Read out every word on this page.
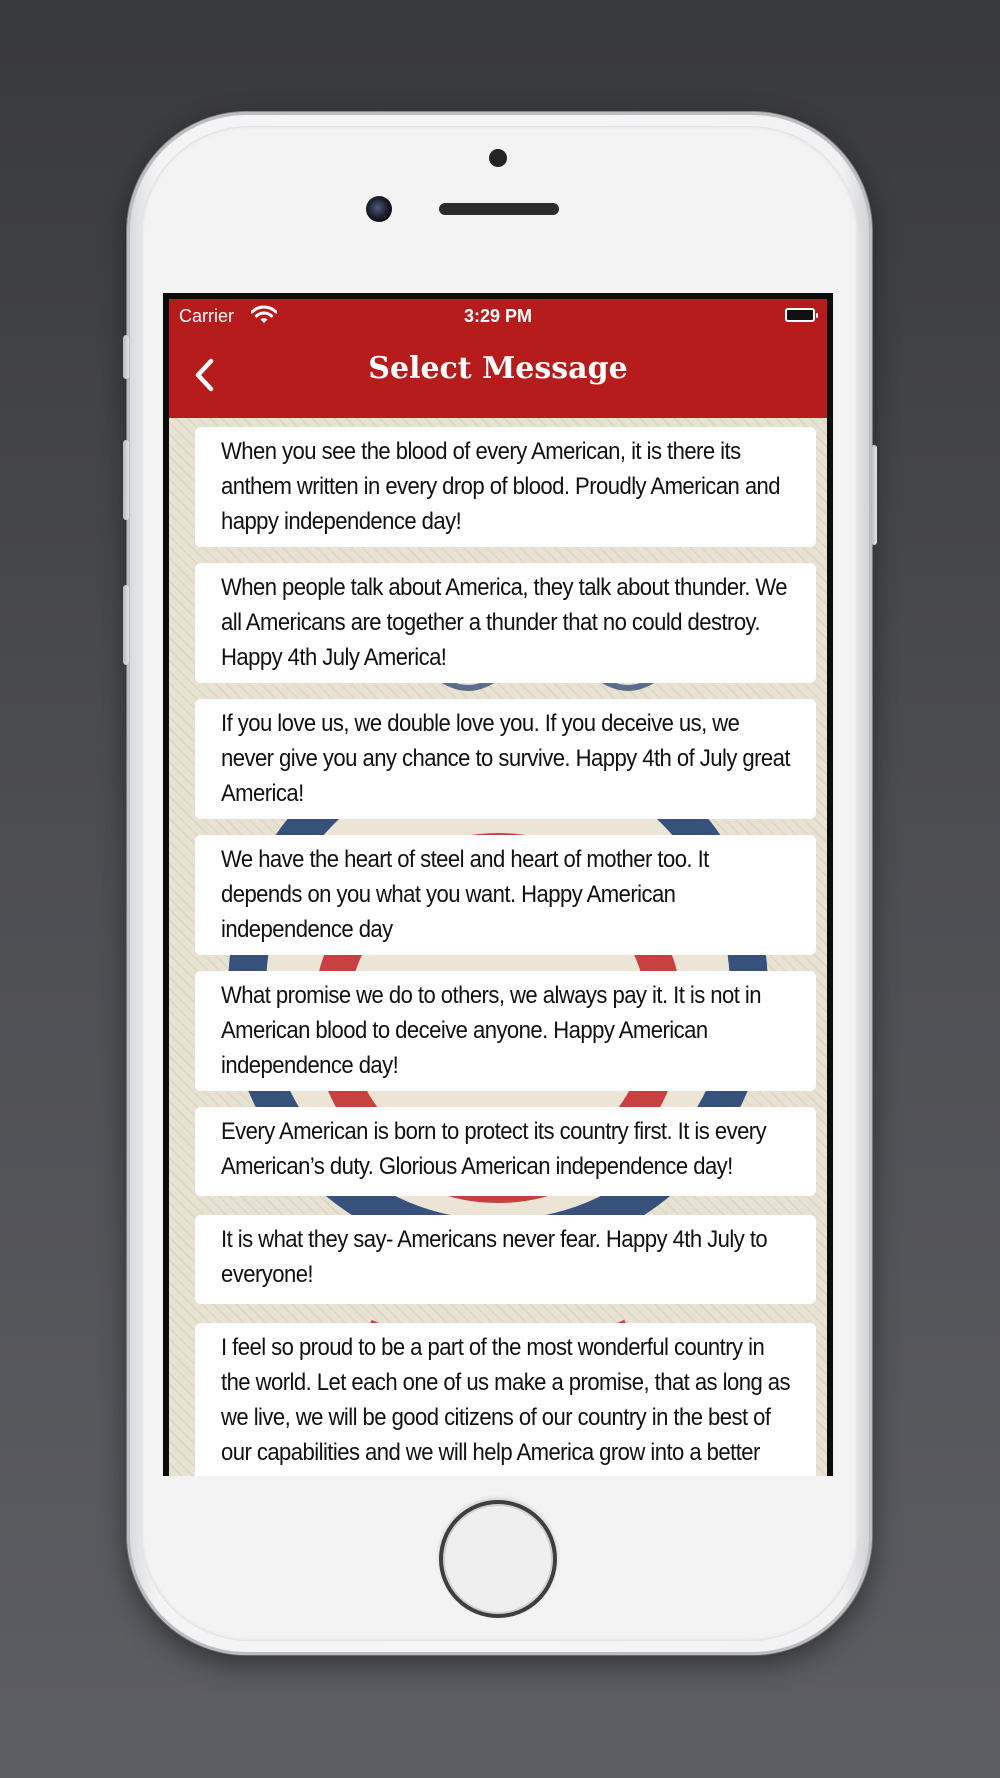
Carrier	3:29 PM
Select Message
When you see the blood of every American, it is there its anthem written in every drop of blood. Proudly American and happy independence day!
When people talk about America, they talk about thunder. We all Americans are together a thunder that no could destroy. Happy 4th July America!
If you love us, we double love you. If you deceive us, we never give you any chance to survive. Happy 4th of July great America!
We have the heart of steel and heart of mother too. It depends on you what you want. Happy American independence day
What promise we do to others, we always pay it. It is not in American blood to deceive anyone. Happy American independence day!
Every American is born to protect its country first. It is every American’s duty. Glorious American independence day!
It is what they say- Americans never fear. Happy 4th July to everyone!
I feel so proud to be a part of the most wonderful country in the world. Let each one of us make a promise, that as long as we live, we will be good citizens of our country in the best of our capabilities and we will help America grow into a better
